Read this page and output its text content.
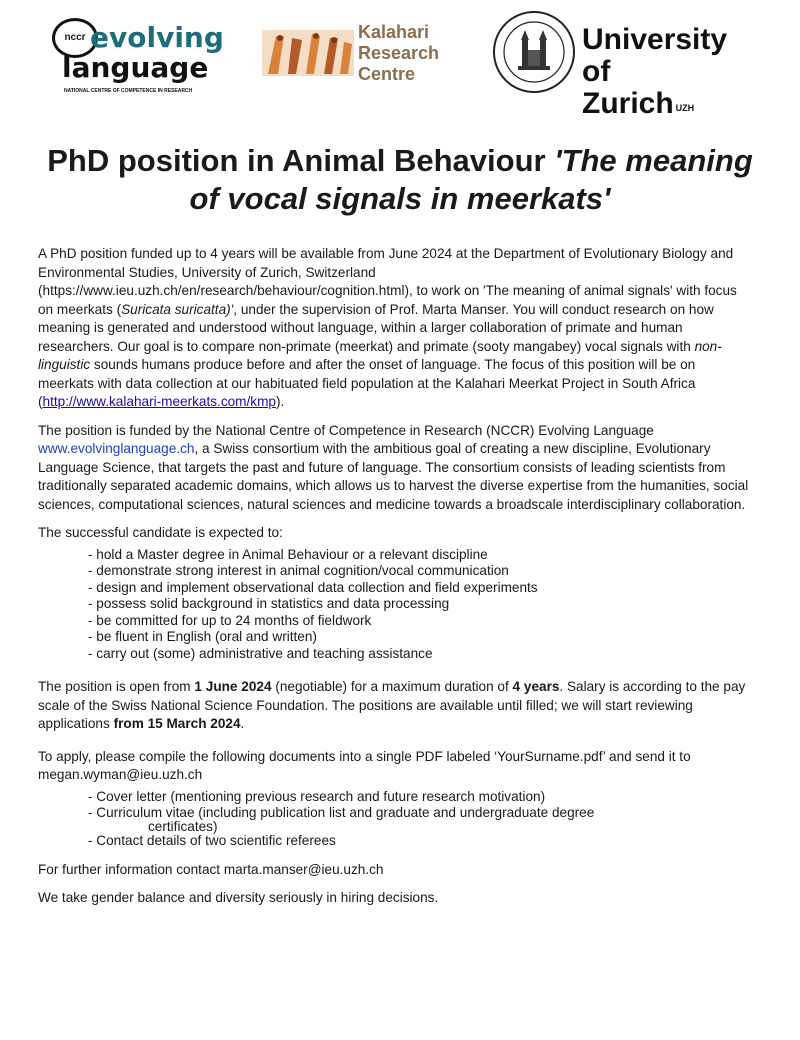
nccr evolving
language
NATIONAL CENTRE OF COMPETENCE IN RESEARCH
Kalahari
Research
Centre
University of
Zurich $^{UZH}$
PhD position in Animal Behaviour 'The meaning of vocal signals in meerkats'

A PhD position funded up to 4 years will be available from June 2024 at the Department of Evolutionary Biology and Environmental Studies, University of Zurich, Switzerland (https://www.ieu.uzh.ch/en/research/behaviour/cognition.html), to work on 'The meaning of animal signals' with focus on meerkats (Suricata suricatta)', under the supervision of Prof. Marta Manser. You will conduct research on how meaning is generated and understood without language, within a larger collaboration of primate and human researchers. Our goal is to compare non-primate (meerkat) and primate (sooty mangabey) vocal signals with non-linguistic sounds humans produce before and after the onset of language. The focus of this position will be on meerkats with data collection at our habituated field population at the Kalahari Meerkat Project in South Africa (http://www.kalahari-meerkats.com/kmp).

The position is funded by the National Centre of Competence in Research (NCCR) Evolving Language www.evolvinglanguage.ch, a Swiss consortium with the ambitious goal of creating a new discipline, Evolutionary Language Science, that targets the past and future of language. The consortium consists of leading scientists from traditionally separated academic domains, which allows us to harvest the diverse expertise from the humanities, social sciences, computational sciences, natural sciences and medicine towards a broadscale interdisciplinary collaboration.

The successful candidate is expected to:

- hold a Master degree in Animal Behaviour or a relevant discipline
- demonstrate strong interest in animal cognition/vocal communication
- design and implement observational data collection and field experiments
- possess solid background in statistics and data processing
- be committed for up to 24 months of fieldwork
- be fluent in English (oral and written)
- carry out (some) administrative and teaching assistance

The position is open from 1 June 2024 (negotiable) for a maximum duration of 4 years. Salary is according to the pay scale of the Swiss National Science Foundation. The positions are available until filled; we will start reviewing applications from 15 March 2024.

To apply, please compile the following documents into a single PDF labeled ‘YourSurname.pdf’ and send it to megan.wyman@ieu.uzh.ch

- Cover letter (mentioning previous research and future research motivation)
- Curriculum vitae (including publication list and graduate and undergraduate degree
certificates)
- Contact details of two scientific referees

For further information contact marta.manser@ieu.uzh.ch

We take gender balance and diversity seriously in hiring decisions.
